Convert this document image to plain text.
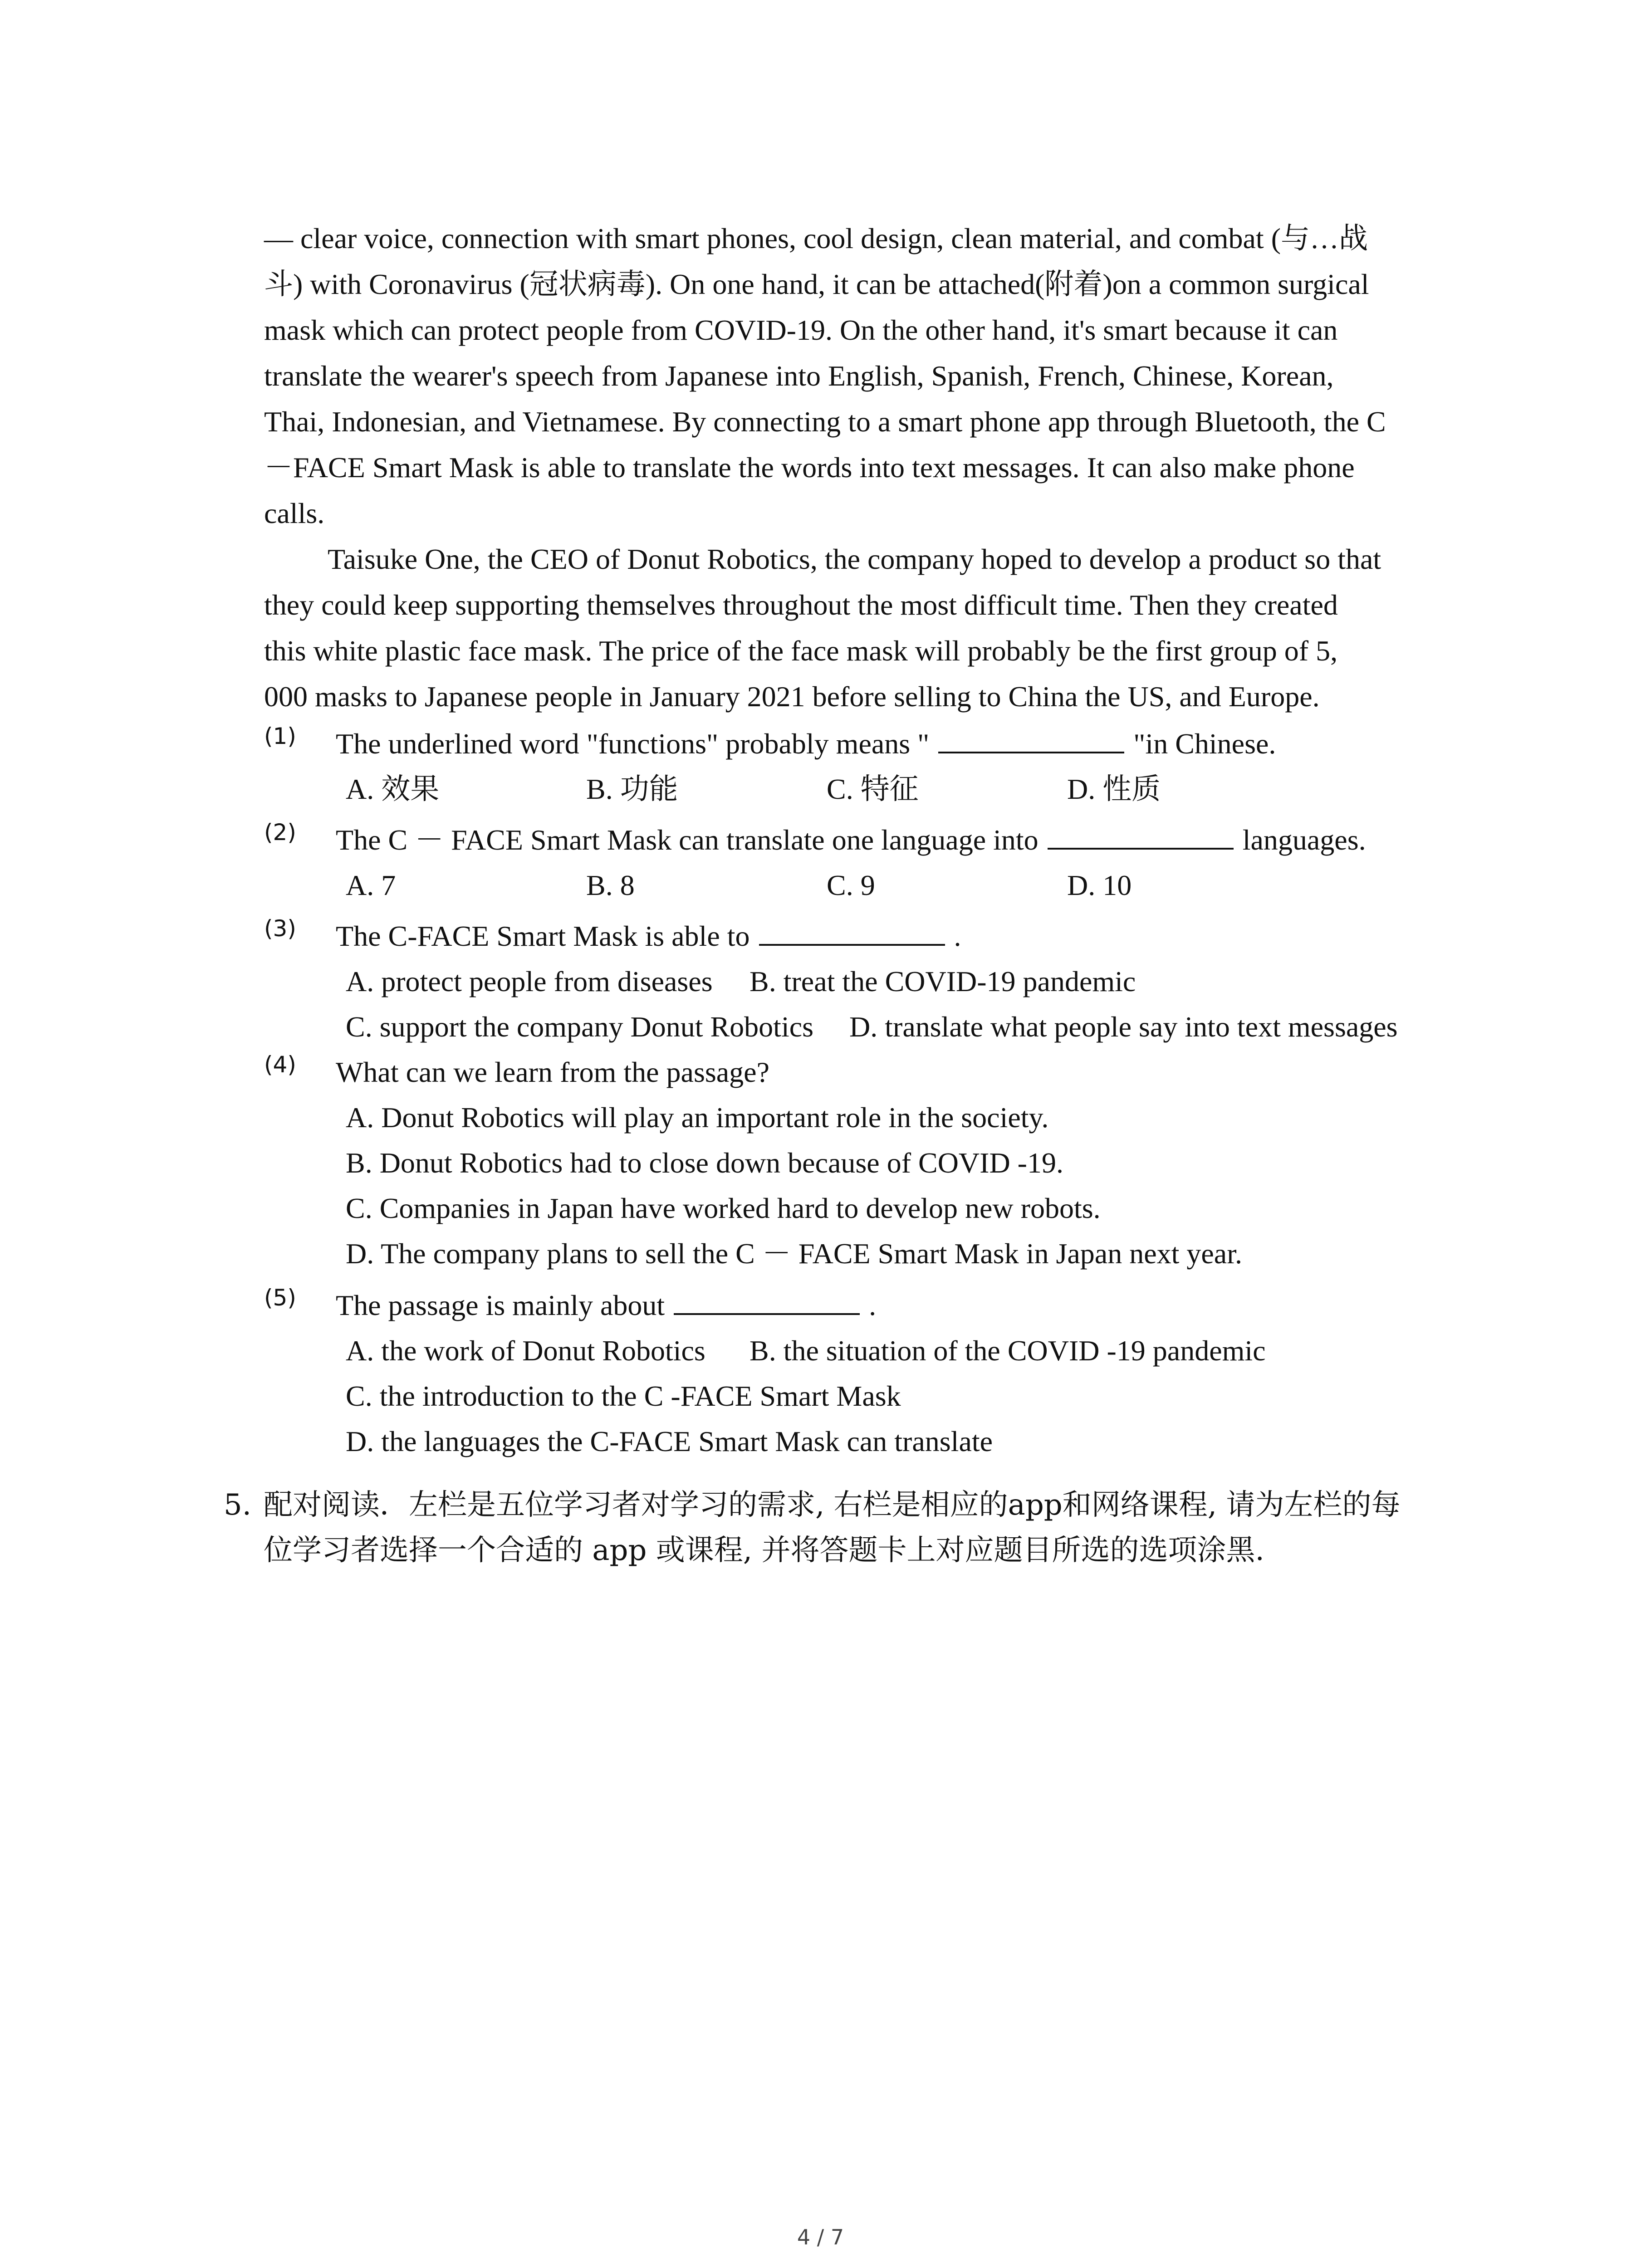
— clear voice, connection with smart phones, cool design, clean material, and combat (与…战
斗) with Coronavirus (冠状病毒). On one hand, it can be attached(附着)on a common surgical
mask which can protect people from COVID-19. On the other hand, it's smart because it can
translate the wearer's speech from Japanese into English, Spanish, French, Chinese, Korean,
Thai, Indonesian, and Vietnamese. By connecting to a smart phone app through Bluetooth, the C
－FACE Smart Mask is able to translate the words into text messages. It can also make phone
calls.
Taisuke One, the CEO of Donut Robotics, the company hoped to develop a product so that
they could keep supporting themselves throughout the most difficult time. Then they created
this white plastic face mask. The price of the face mask will probably be the first group of 5,
000 masks to Japanese people in January 2021 before selling to China the US, and Europe.
(1) The underlined word "functions" probably means "	"in Chinese.
A. 效果	B. 功能	C. 特征	D. 性质
(2) The C － FACE Smart Mask can translate one language into	languages.
A. 7	B. 8	C. 9	D. 10
(3) The C-FACE Smart Mask is able to	.
A. protect people from diseases B. treat the COVID-19 pandemic
C. support the company Donut Robotics D. translate what people say into text messages
(4) What can we learn from the passage?
A. Donut Robotics will play an important role in the society.
B. Donut Robotics had to close down because of COVID -19.
C. Companies in Japan have worked hard to develop new robots.
D. The company plans to sell the C － FACE Smart Mask in Japan next year.
(5) The passage is mainly about	.
A. the work of Donut Robotics B. the situation of the COVID -19 pandemic
C. the introduction to the C -FACE Smart Mask
D. the languages the C-FACE Smart Mask can translate
5. 配对阅读．左栏是五位学习者对学习的需求, 右栏是相应的app和网络课程, 请为左栏的每
位学习者选择一个合适的 app 或课程, 并将答题卡上对应题目所选的选项涂黑.
4 / 7
